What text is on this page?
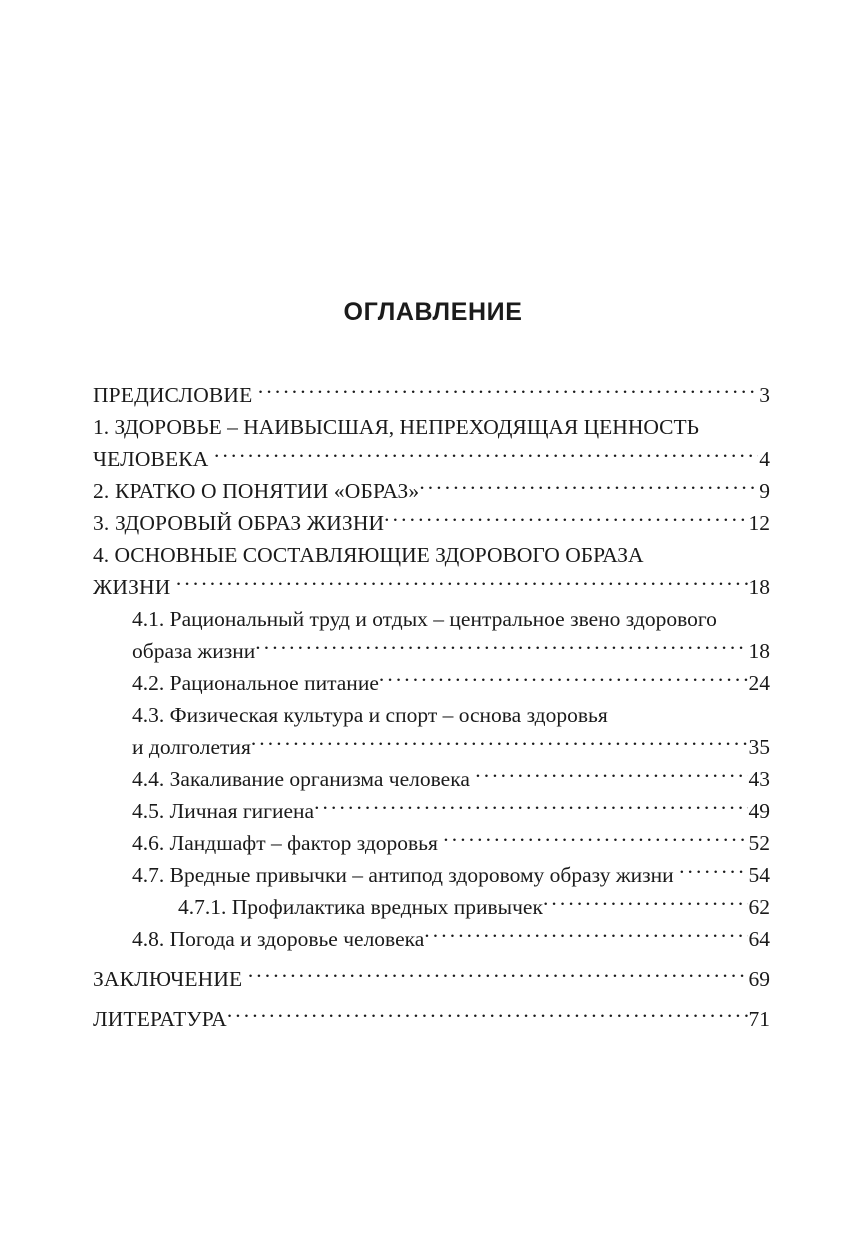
ОГЛАВЛЕНИЕ
ПРЕДИСЛОВИЕ .....	3
1. ЗДОРОВЬЕ – НАИВЫСШАЯ, НЕПРЕХОДЯЩАЯ ЦЕННОСТЬ
ЧЕЛОВЕКА .....	4
2. КРАТКО О ПОНЯТИИ «ОБРАЗ» .....	9
3. ЗДОРОВЫЙ ОБРАЗ ЖИЗНИ .....	12
4. ОСНОВНЫЕ СОСТАВЛЯЮЩИЕ ЗДОРОВОГО ОБРАЗА
ЖИЗНИ .....	18
4.1. Рациональный труд и отдых – центральное звено здорового
образа жизни .....	18
4.2. Рациональное питание .....	24
4.3. Физическая культура и спорт – основа здоровья
и долголетия .....	35
4.4. Закаливание организма человека .....	43
4.5. Личная гигиена .....	49
4.6. Ландшафт – фактор здоровья .....	52
4.7. Вредные привычки – антипод здоровому образу жизни .....	54
4.7.1. Профилактика вредных привычек .....	62
4.8. Погода и здоровье человека .....	64
ЗАКЛЮЧЕНИЕ .....	69
ЛИТЕРАТУРА .....	71
